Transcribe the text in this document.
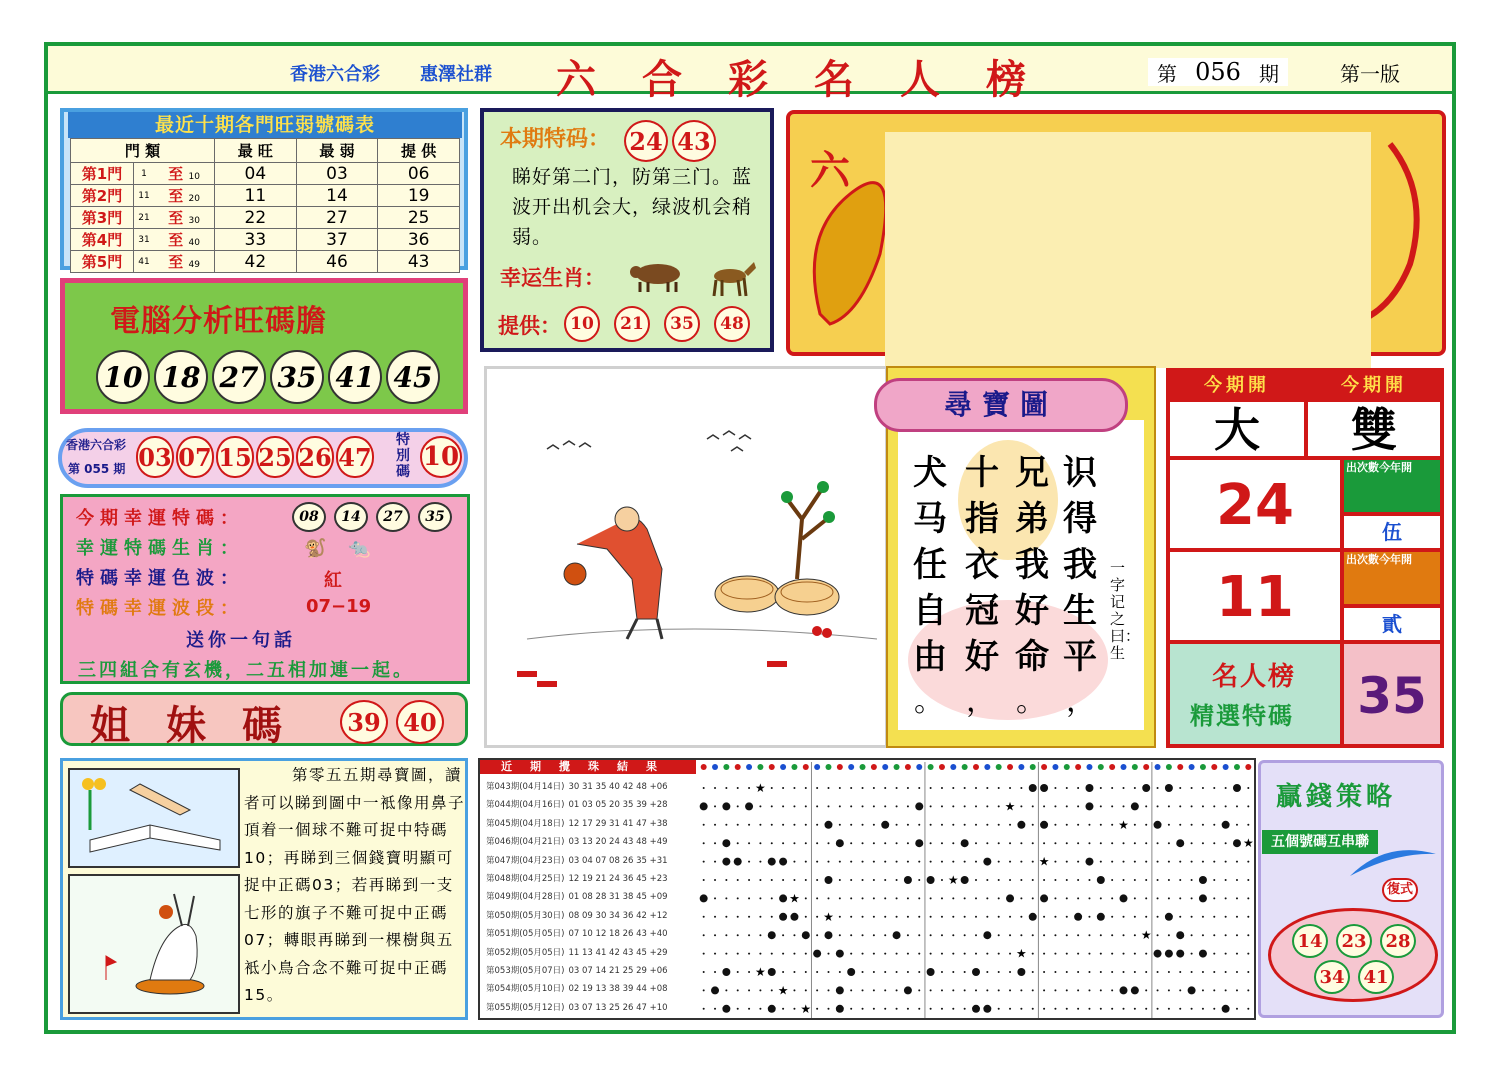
香港六合彩 惠澤社群 六合彩名人榜	第 056 期	第一版
最近十期各門旺弱號碼表
門 類			最 旺	最 弱	提 供
第1門	1	至 10	04	03	06
第2門	11	至 20	11	14	19
第3門	21	至 30	22	27	25
第4門	31	至 40	33	37	36
第5門	41	至 49	42	46	43
電腦分析旺碼膽
10 18 27 35 41 45
香港六合彩
第 055 期 03 07 15 25 26 47
特別碼 10
今期幸運特碼：	08	14	27	35
幸運特碼生肖：	🐒 🐀
特碼幸運色波：	紅
特碼幸運波段：	07−19
送你一句話
三四組合有玄機，二五相加連一起。
姐妹碼	39 40
第零五五期尋寶圖，讀者可以睇到圖中一袛像用鼻子頂着一個球不難可捉中特碼10；再睇到三個錢寶明顯可捉中正碼03；若再睇到一支七形的旗子不難可捉中正碼07；轉眼再睇到一棵樹與五袛小鳥合念不難可捉中正碼15。
本期特码： 24 43
睇好第二门，防第三门。蓝波开出机会大，绿波机会稍弱。
幸运生肖：
提供： 10	21	35	48
六
尋寶圖
识得我生平
兄弟我好命
十指衣冠好
犬马任自由
，
。
，
。
一字记之曰：生
今期開	今期開
大	雙
24
出次數今年開
伍
11
出次數今年開
貳
名人榜
精選特碼	35
近期攪珠結果
第043期(04月14日) 30 31 35 40 42 48 +06
第044期(04月16日) 01 03 05 20 35 39 +28
第045期(04月18日) 12 17 29 31 41 47 +38
第046期(04月21日) 03 13 20 24 43 48 +49
第047期(04月23日) 03 04 07 08 26 35 +31
第048期(04月25日) 12 19 21 24 36 45 +23
第049期(04月28日) 01 08 28 31 38 45 +09
第050期(05月30日) 08 09 30 34 36 42 +12
第051期(05月05日) 07 10 12 18 26 43 +40
第052期(05月05日) 11 13 41 42 43 45 +29
第053期(05月07日) 03 07 14 21 25 29 +06
第054期(05月10日) 02 19 13 38 39 44 +08
第055期(05月12日) 03 07 13 25 26 47 +10
★
★
★
★
★
★
★
★
★
★
★
★
★
贏錢策略
五個號碼互串聯
復式
14	23	28
34	41
